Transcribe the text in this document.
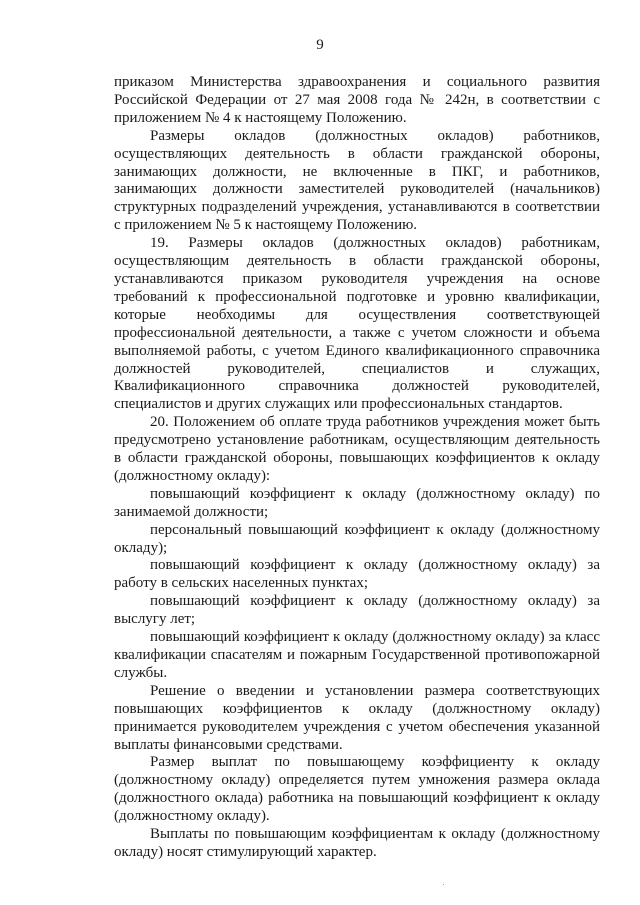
9

приказом Министерства здравоохранения и социального развития Российской Федерации от 27 мая 2008 года № 242н, в соответствии с приложением № 4 к настоящему Положению.

Размеры окладов (должностных окладов) работников, осуществляющих деятельность в области гражданской обороны, занимающих должности, не включенные в ПКГ, и работников, занимающих должности заместителей руководителей (начальников) структурных подразделений учреждения, устанавливаются в соответствии с приложением № 5 к настоящему Положению.

19. Размеры окладов (должностных окладов) работникам, осуществляющим деятельность в области гражданской обороны, устанавливаются приказом руководителя учреждения на основе требований к профессиональной подготовке и уровню квалификации, которые необходимы для осуществления соответствующей профессиональной деятельности, а также с учетом сложности и объема выполняемой работы, с учетом Единого квалификационного справочника должностей руководителей, специалистов и служащих, Квалификационного справочника должностей руководителей, специалистов и других служащих или профессиональных стандартов.

20. Положением об оплате труда работников учреждения может быть предусмотрено установление работникам, осуществляющим деятельность в области гражданской обороны, повышающих коэффициентов к окладу (должностному окладу):

повышающий коэффициент к окладу (должностному окладу) по занимаемой должности;

персональный повышающий коэффициент к окладу (должностному окладу);

повышающий коэффициент к окладу (должностному окладу) за работу в сельских населенных пунктах;

повышающий коэффициент к окладу (должностному окладу) за выслугу лет;

повышающий коэффициент к окладу (должностному окладу) за класс квалификации спасателям и пожарным Государственной противопожарной службы.

Решение о введении и установлении размера соответствующих повышающих коэффициентов к окладу (должностному окладу) принимается руководителем учреждения с учетом обеспечения указанной выплаты финансовыми средствами.

Размер выплат по повышающему коэффициенту к окладу (должностному окладу) определяется путем умножения размера оклада (должностного оклада) работника на повышающий коэффициент к окладу (должностному окладу).

Выплаты по повышающим коэффициентам к окладу (должностному окладу) носят стимулирующий характер.
